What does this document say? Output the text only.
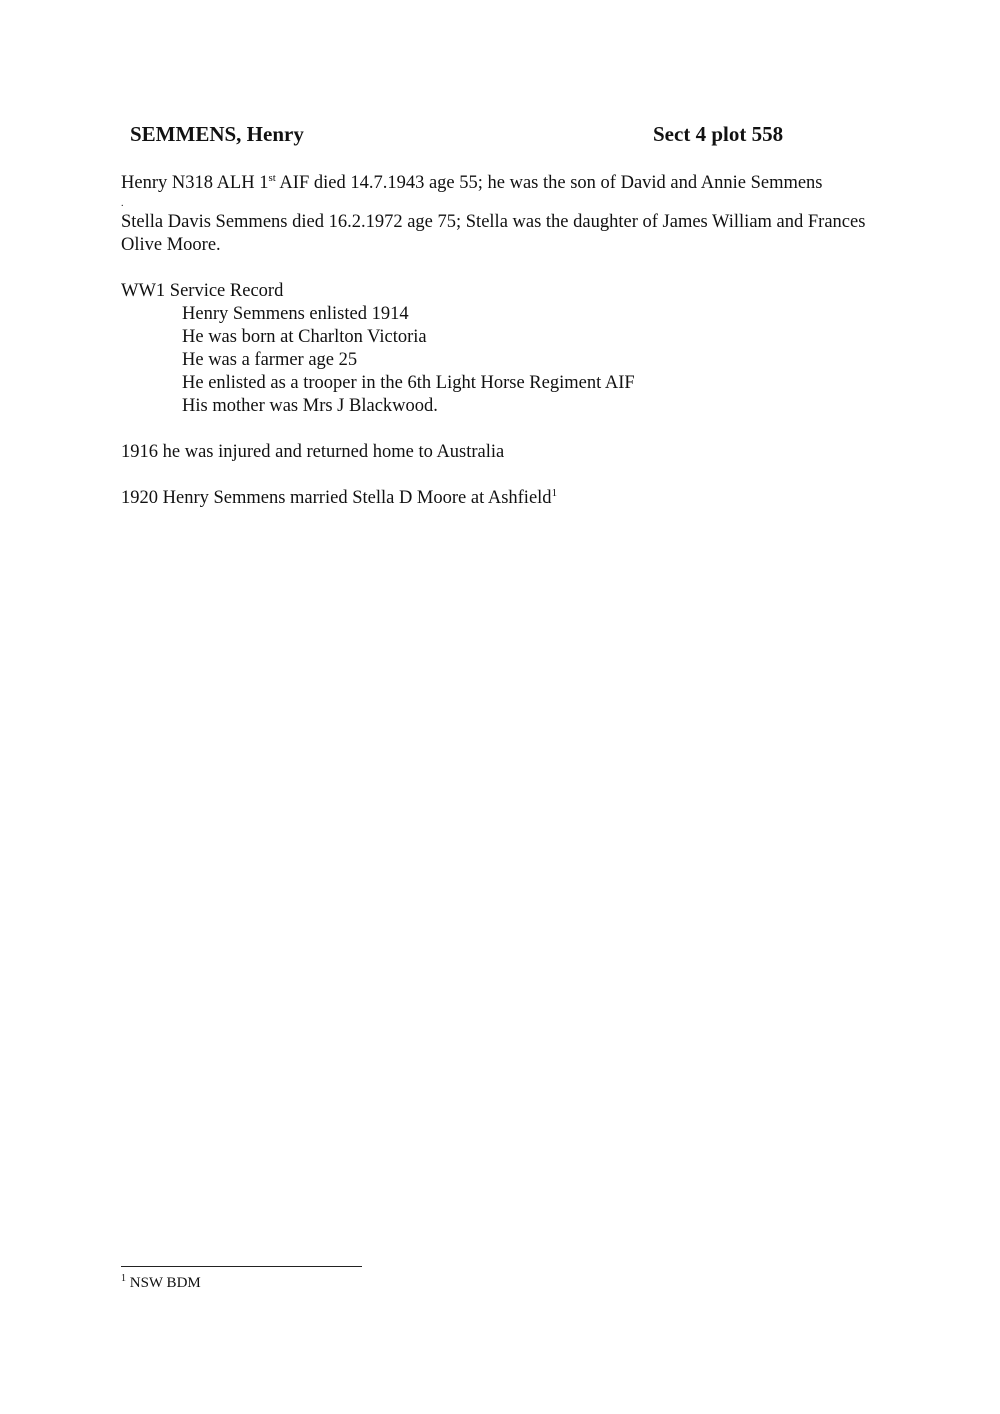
SEMMENS, Henry	Sect 4 plot 558

Henry N318 ALH 1st AIF died 14.7.1943 age 55; he was the son of David and Annie Semmens

.

Stella Davis Semmens died 16.2.1972 age 75; Stella was the daughter of James William and Frances Olive Moore.

WW1 Service Record

Henry Semmens enlisted 1914
He was born at Charlton Victoria
He was a farmer age 25
He enlisted as a trooper in the 6th Light Horse Regiment AIF
His mother was Mrs J Blackwood.

1916 he was injured and returned home to Australia

1920 Henry Semmens married Stella D Moore at Ashfield$^1$

$^1$ NSW BDM
